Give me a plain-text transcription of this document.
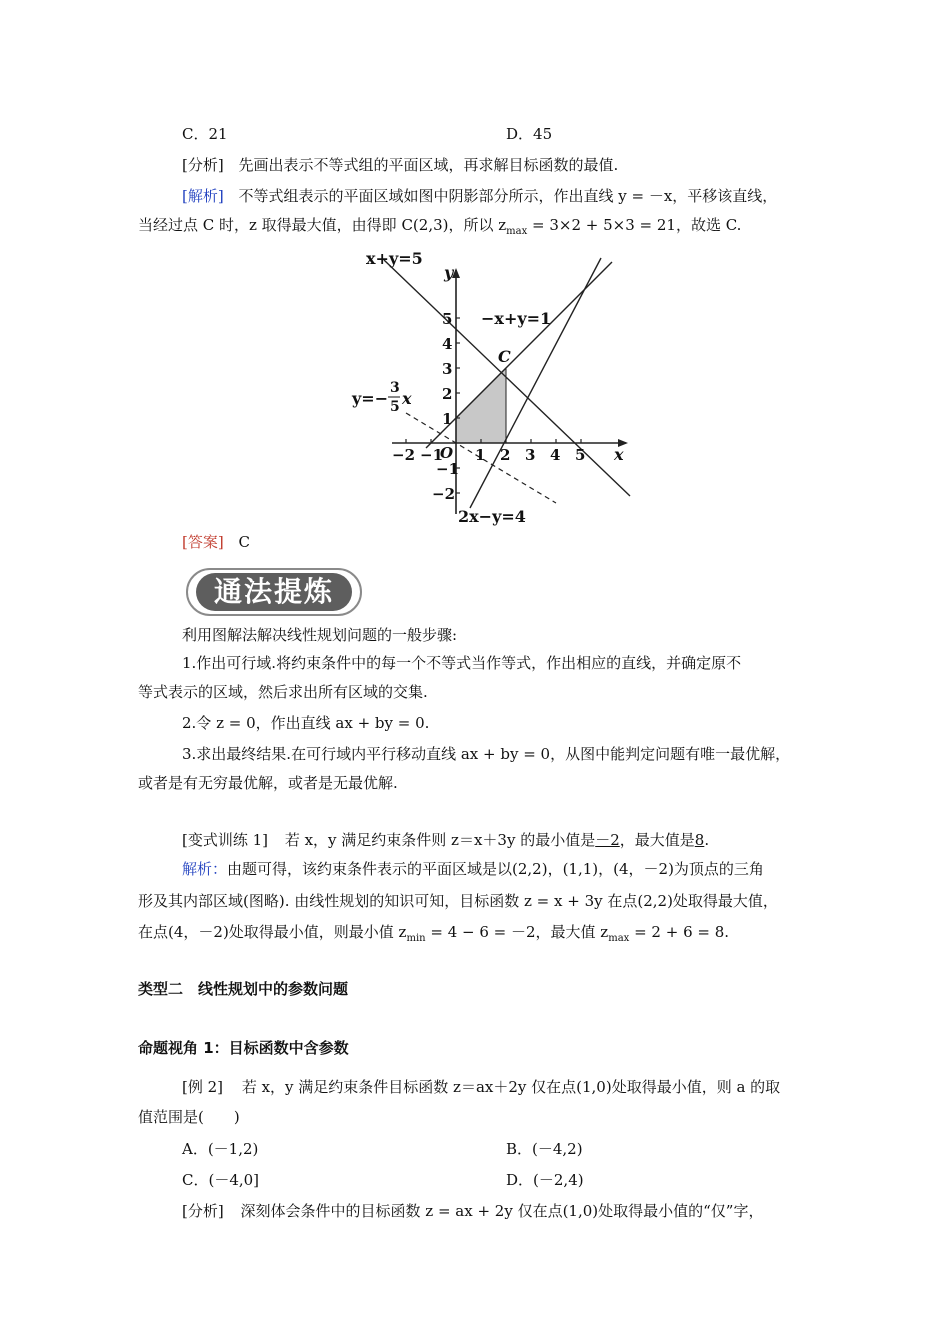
C．21	D．45
[分析] 先画出表示不等式组的平面区域，再求解目标函数的最值.
[解析] 不等式组表示的平面区域如图中阴影部分所示，作出直线 y = －x，平移该直线，
当经过点 C 时，z 取得最大值，由得即 C(2,3)，所以 $z_{max} = 3\times 2 + 5\times 3 = 21$，故选 C.
x+y=5
−x+y=1
2x−y=4
y=−
3
5 x
C
O	x
y
−2 −1 1 2 3 4 5
5
4
3
2
1
−1
−2
[答案] C
通法提炼
利用图解法解决线性规划问题的一般步骤:
1.作出可行域.将约束条件中的每一个不等式当作等式，作出相应的直线，并确定原不
等式表示的区域，然后求出所有区域的交集.
2.令 z = 0，作出直线 ax + by = 0.
3.求出最终结果.在可行域内平行移动直线 ax + by = 0，从图中能判定问题有唯一最优解，
或者是有无穷最优解，或者是无最优解.
[变式训练 1] 若 x，y 满足约束条件则 z＝x＋3y 的最小值是－2，最大值是8.
解析：由题可得，该约束条件表示的平面区域是以(2,2)，(1,1)，(4，－2)为顶点的三角
形及其内部区域(图略). 由线性规划的知识可知，目标函数 z = x + 3y 在点(2,2)处取得最大值，
在点(4，－2)处取得最小值，则最小值 $z_{min} = 4 - 6 = -2$，最大值 $z_{max} = 2 + 6 = 8$.
类型二　线性规划中的参数问题
命题视角 1：目标函数中含参数
[例 2] 若 x，y 满足约束条件目标函数 z＝ax＋2y 仅在点(1,0)处取得最小值，则 a 的取
值范围是(　　)
A．(－1,2)	B．(－4,2)
C．(－4,0]	D．(－2,4)
[分析] 深刻体会条件中的目标函数 z = ax + 2y 仅在点(1,0)处取得最小值的“仅”字，
